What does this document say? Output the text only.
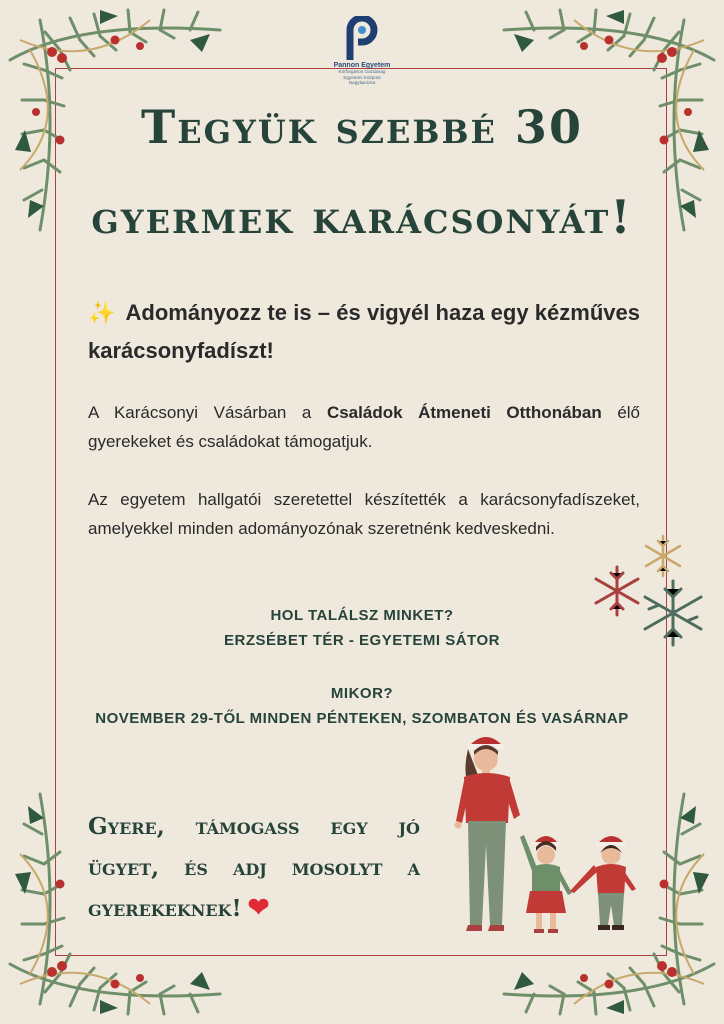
Pannon Egyetem
Körforgásos Gazdaság
Egyetemi Központ
Nagykanizsa
Tegyük szebbé 30
gyermek karácsonyát!
✨ Adományozz te is – és vigyél haza egy kézműves karácsonyfadíszt!
A Karácsonyi Vásárban a Családok Átmeneti Otthonában élő gyerekeket és családokat támogatjuk.
Az egyetem hallgatói szeretettel készítették a karácsonyfadíszeket, amelyekkel minden adományozónak szeretnénk kedveskedni.
HOL TALÁLSZ MINKET?
ERZSÉBET TÉR - EGYETEMI SÁTOR
MIKOR?
NOVEMBER 29-TŐL MINDEN PÉNTEKEN, SZOMBATON ÉS VASÁRNAP
Gyere, támogass egy jó ügyet, és adj mosolyt a gyerekeknek! ❤
